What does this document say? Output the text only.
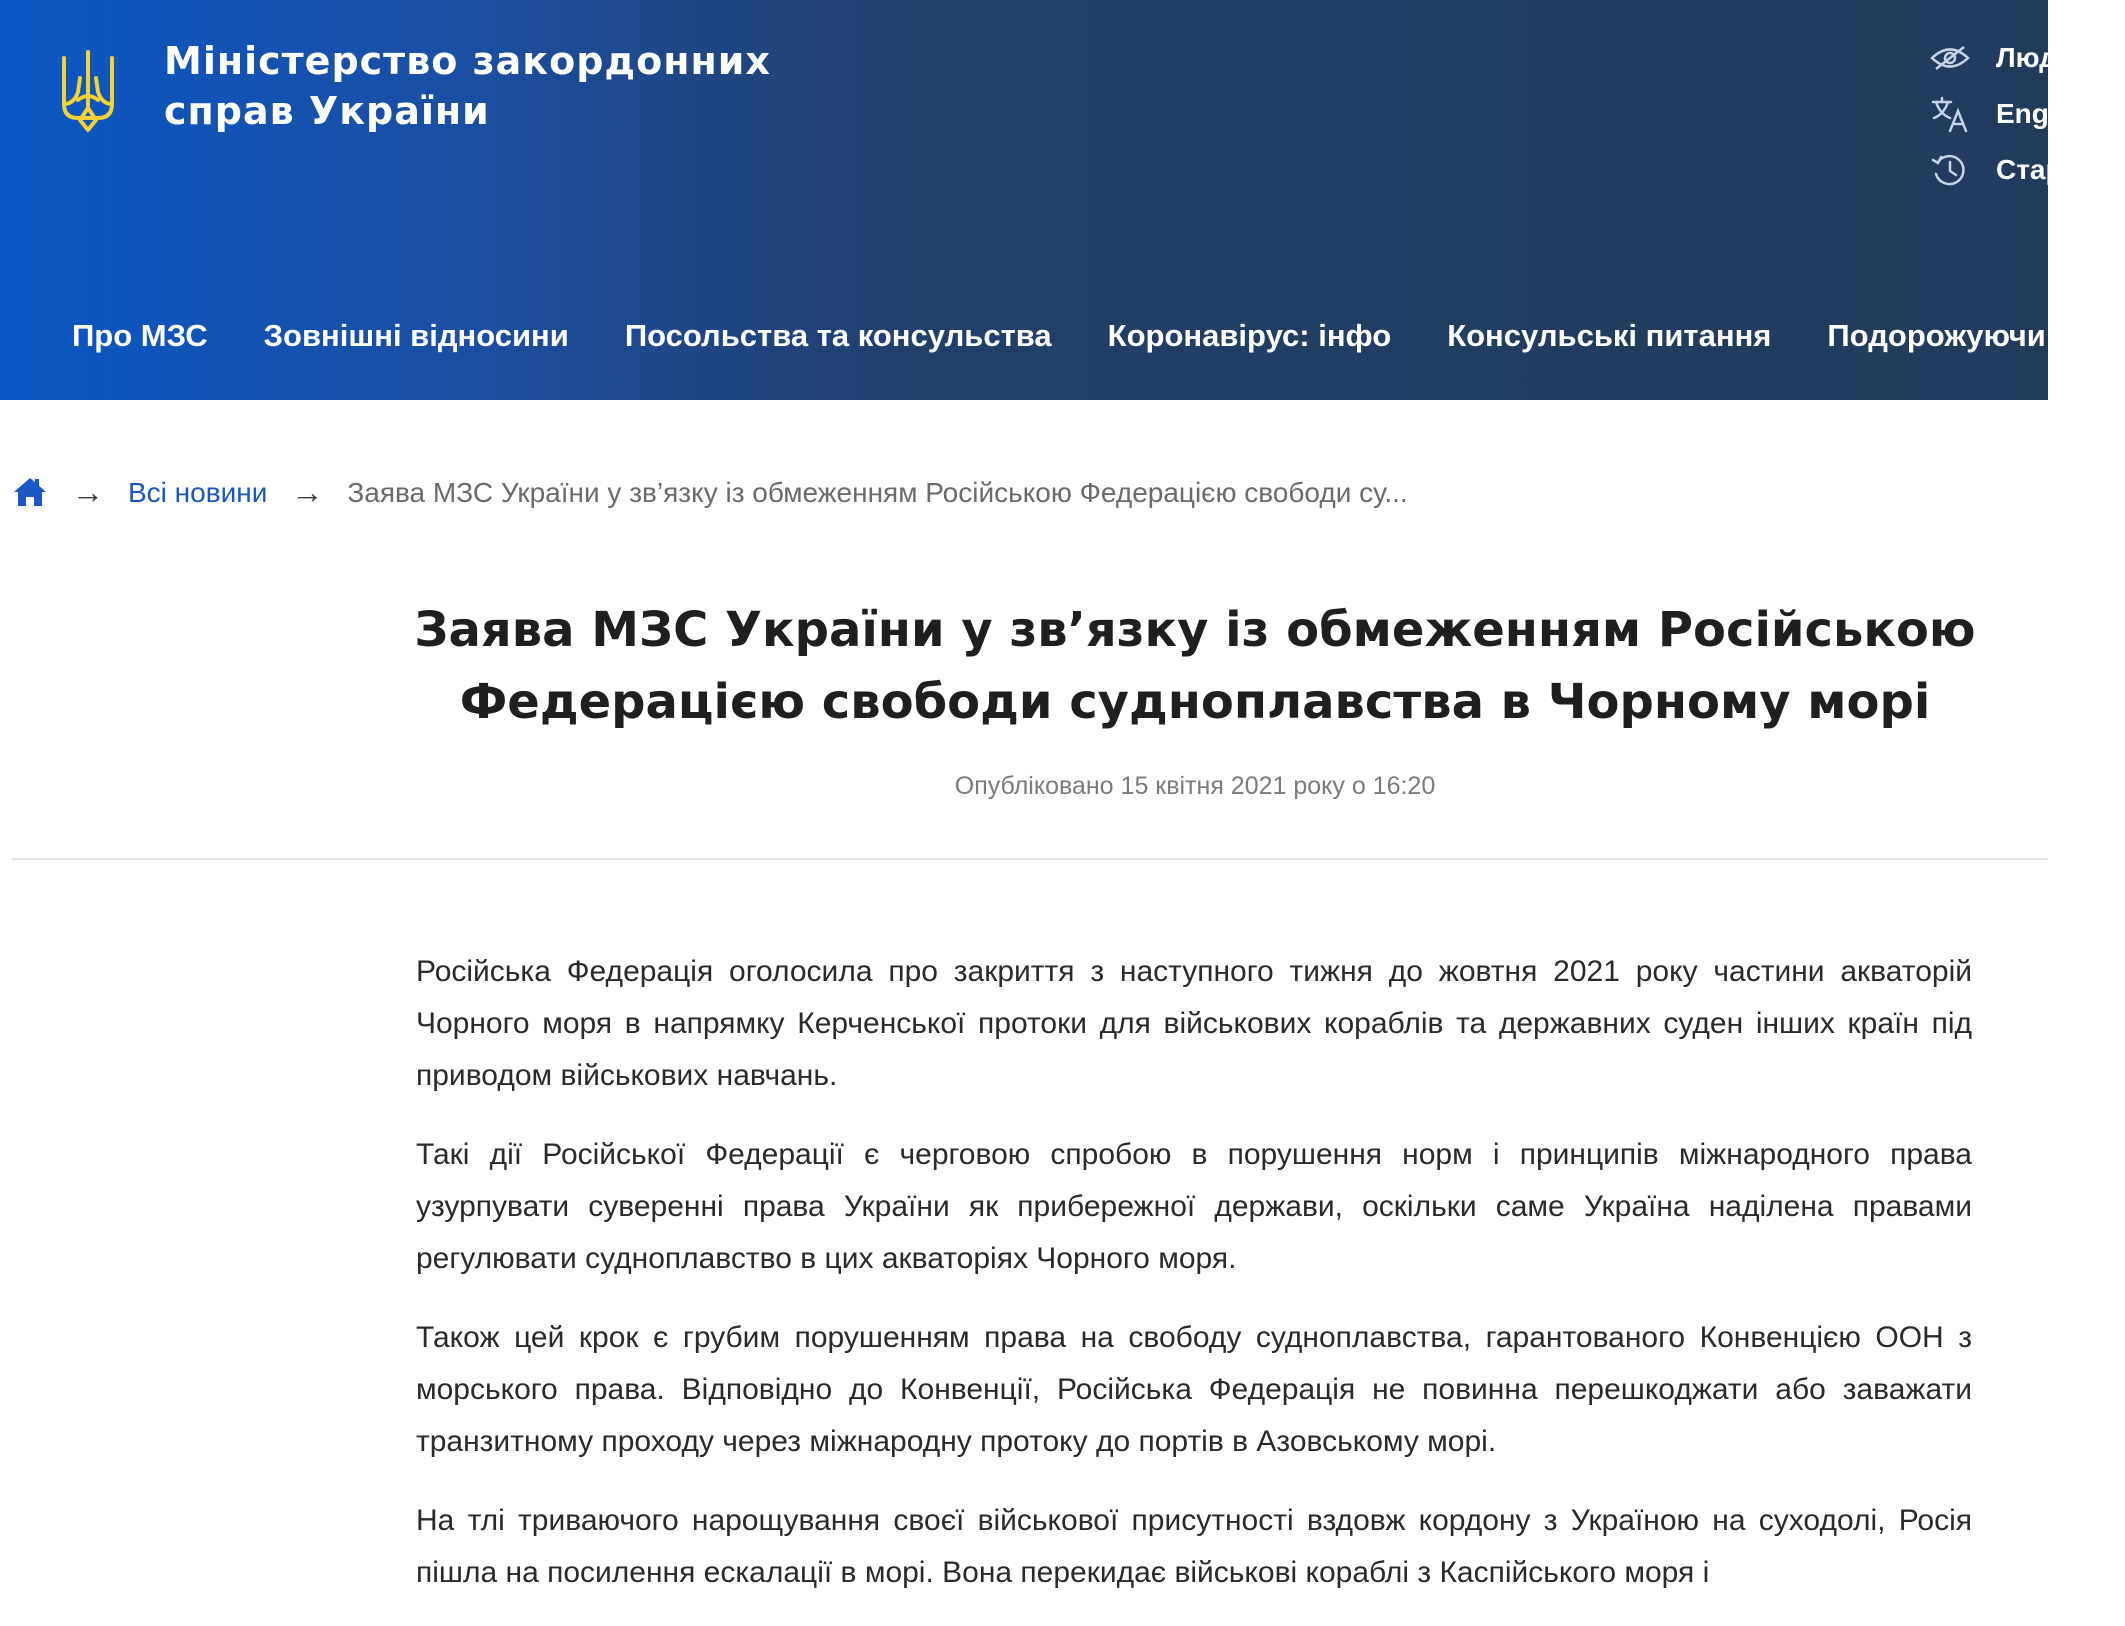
Міністерство закордонних
справ України
Люд
Engl
Стар
Про МЗС Зовнішні відносини Посольства та консульства Коронавірус: інфо Консульські питання Подорожуючим
→ Всі новини → Заява МЗС України у зв’язку із обмеженням Російською Федерацією свободи су...
Заява МЗС України у зв’язку із обмеженням Російською
Федерацією свободи судноплавства в Чорному морі
Опубліковано 15 квітня 2021 року о 16:20

Російська Федерація оголосила про закриття з наступного тижня до жовтня 2021 року частини акваторій Чорного моря в напрямку Керченської протоки для військових кораблів та державних суден інших країн під приводом військових навчань.

Такі дії Російської Федерації є черговою спробою в порушення норм і принципів міжнародного права узурпувати суверенні права України як прибережної держави, оскільки саме Україна наділена правами регулювати судноплавство в цих акваторіях Чорного моря.

Також цей крок є грубим порушенням права на свободу судноплавства, гарантованого Конвенцією ООН з морського права. Відповідно до Конвенції, Російська Федерація не повинна перешкоджати або заважати транзитному проходу через міжнародну протоку до портів в Азовському морі.

На тлі триваючого нарощування своєї військової присутності вздовж кордону з Україною на суходолі, Росія пішла на посилення ескалації в морі. Вона перекидає військові кораблі з Каспійського моря і
